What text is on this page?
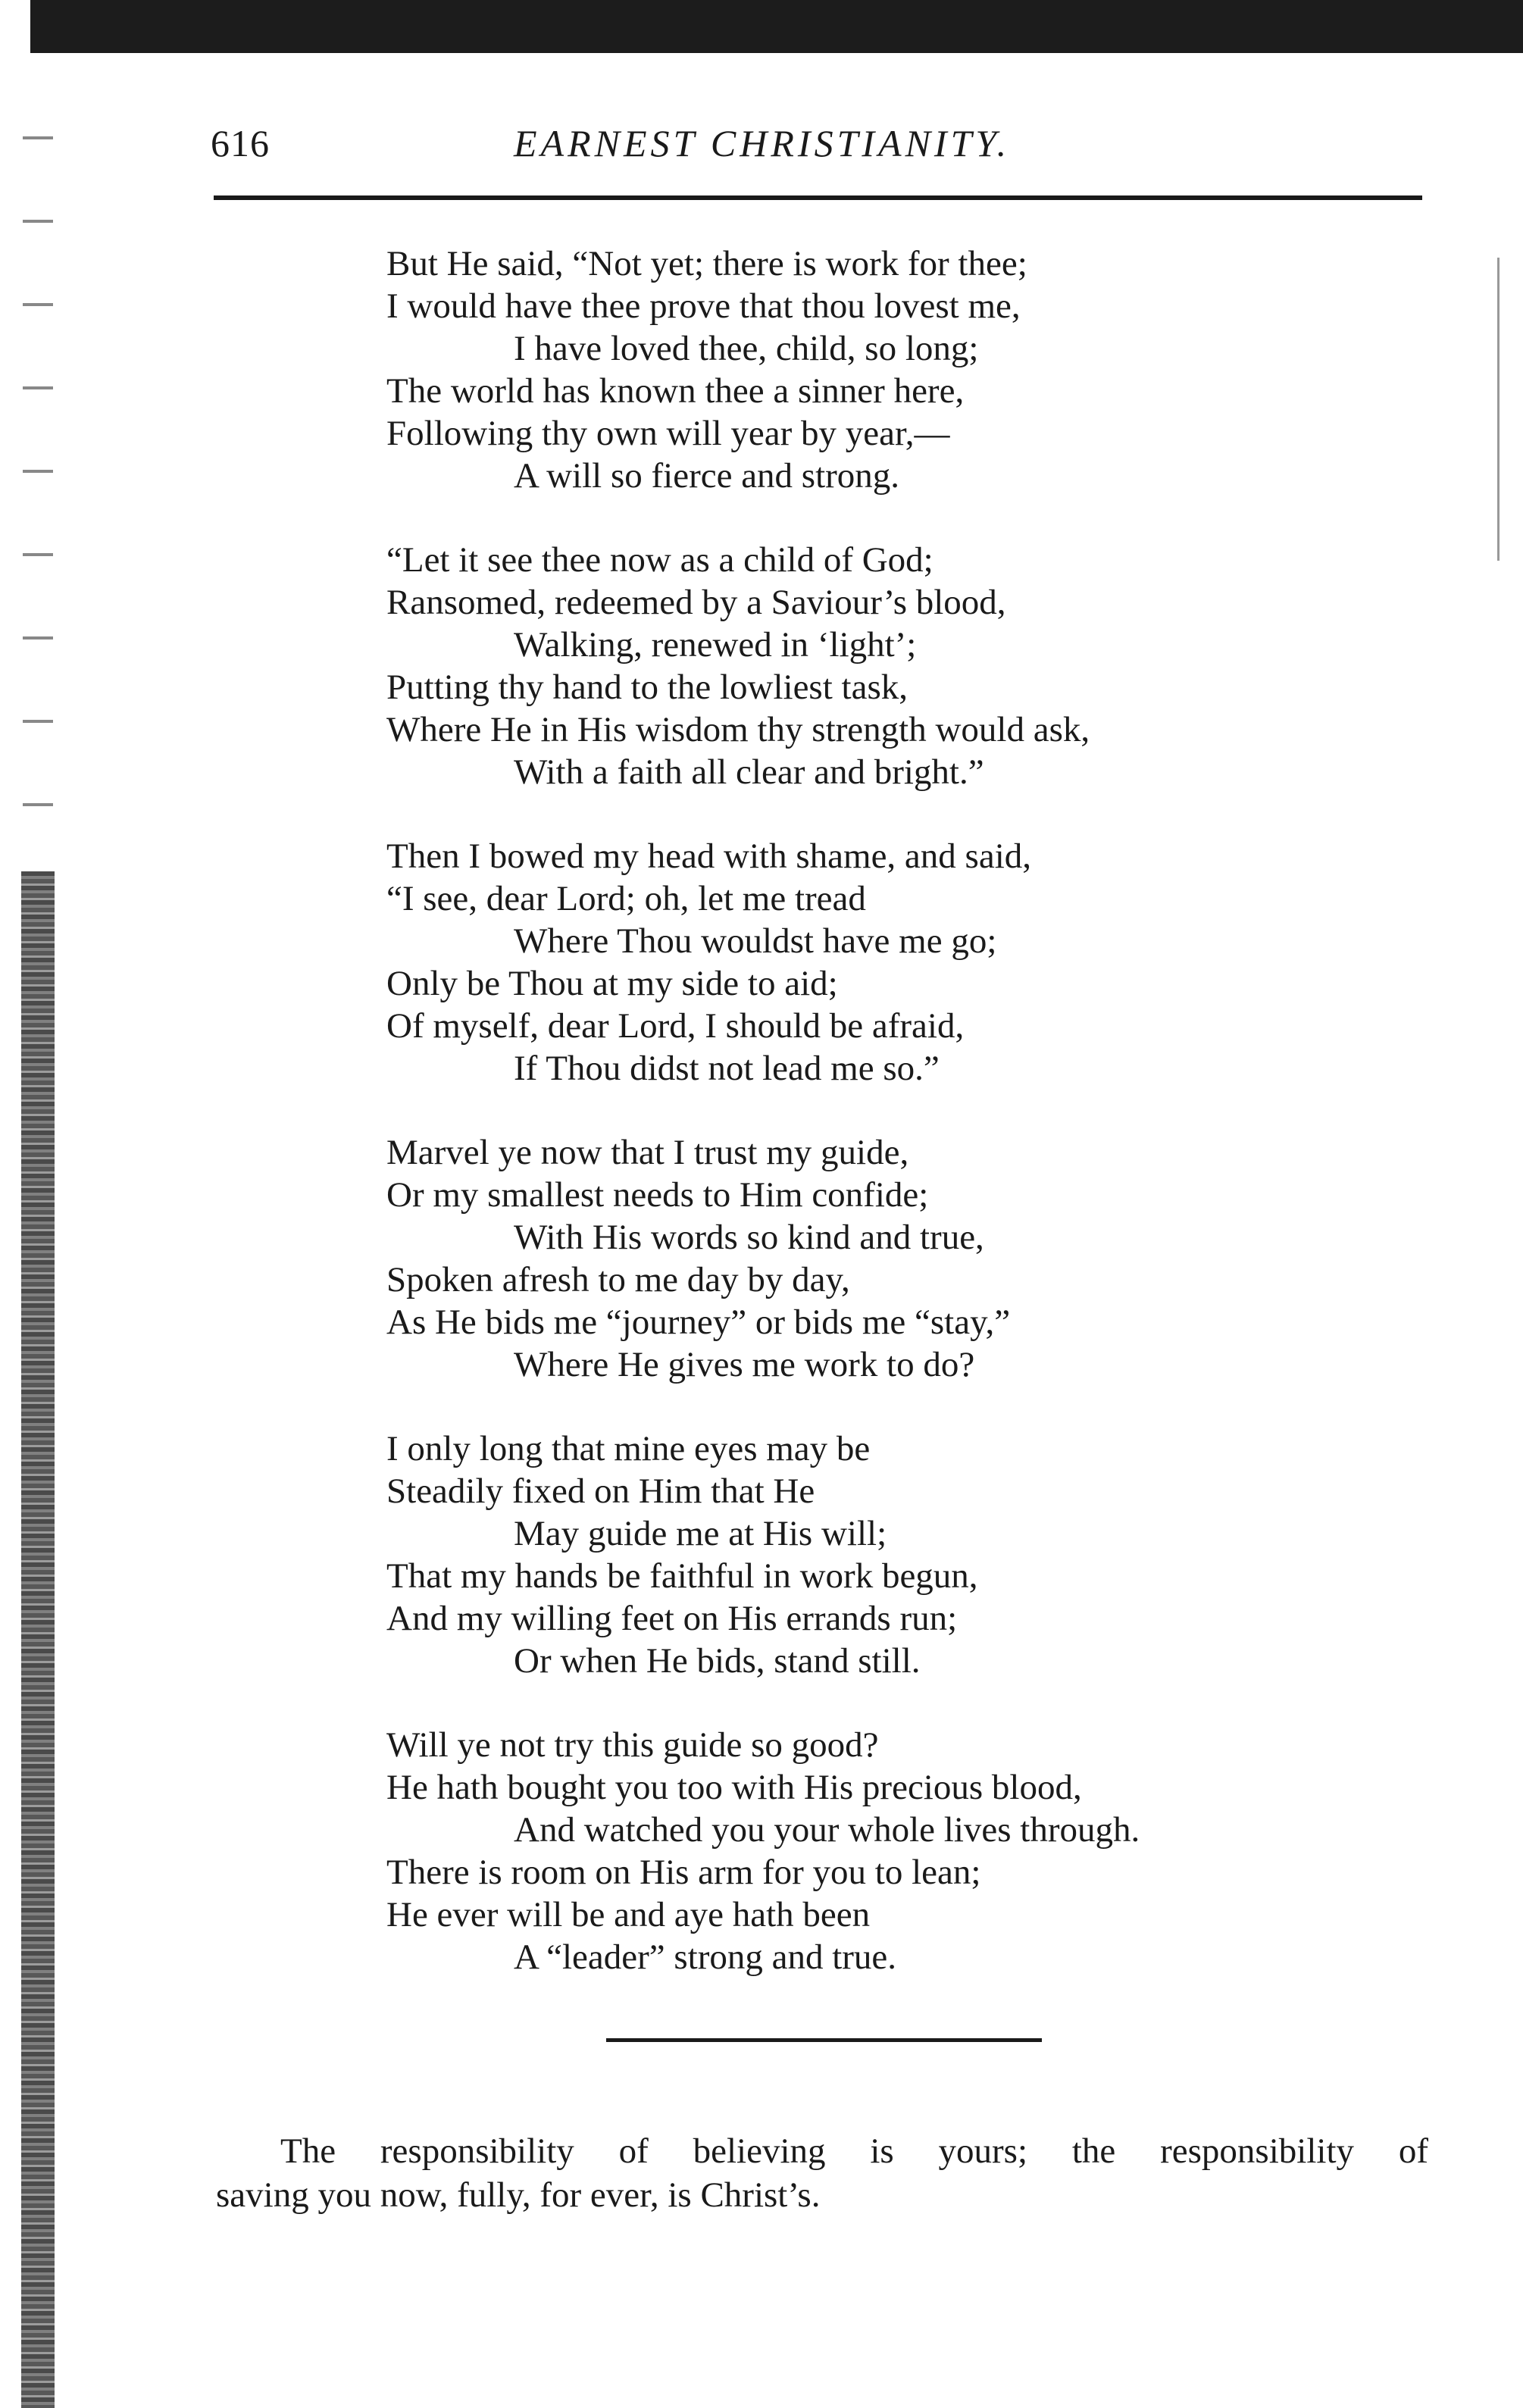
616	EARNEST CHRISTIANITY.
But He said, “Not yet; there is work for thee;
I would have thee prove that thou lovest me,
I have loved thee, child, so long;
The world has known thee a sinner here,
Following thy own will year by year,—
A will so fierce and strong.
“Let it see thee now as a child of God;
Ransomed, redeemed by a Saviour’s blood,
Walking, renewed in ‘light’;
Putting thy hand to the lowliest task,
Where He in His wisdom thy strength would ask,
With a faith all clear and bright.”
Then I bowed my head with shame, and said,
“I see, dear Lord; oh, let me tread
Where Thou wouldst have me go;
Only be Thou at my side to aid;
Of myself, dear Lord, I should be afraid,
If Thou didst not lead me so.”
Marvel ye now that I trust my guide,
Or my smallest needs to Him confide;
With His words so kind and true,
Spoken afresh to me day by day,
As He bids me “journey” or bids me “stay,”
Where He gives me work to do?
I only long that mine eyes may be
Steadily fixed on Him that He
May guide me at His will;
That my hands be faithful in work begun,
And my willing feet on His errands run;
Or when He bids, stand still.
Will ye not try this guide so good?
He hath bought you too with His precious blood,
And watched you your whole lives through.
There is room on His arm for you to lean;
He ever will be and aye hath been
A “leader” strong and true.
The responsibility of believing is yours; the responsibility of
saving you now, fully, for ever, is Christ’s.
